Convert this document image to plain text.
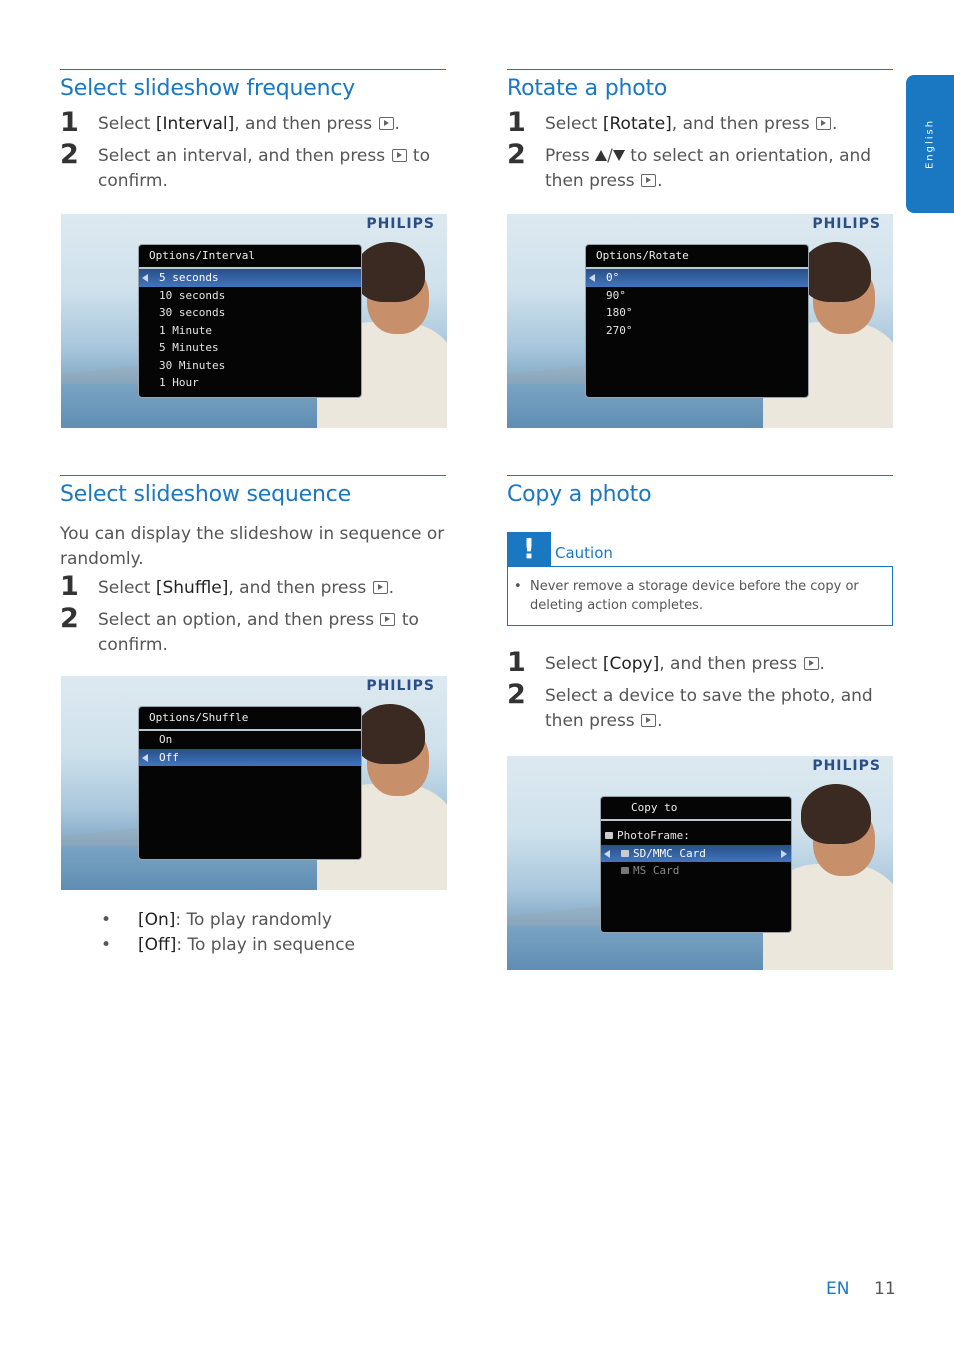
English
Select slideshow frequency
1 Select [Interval], and then press .
2 Select an interval, and then press  to confirm.
PHILIPS
Options/Interval
5 seconds
10 seconds
30 seconds
1 Minute
5 Minutes
30 Minutes
1 Hour
Select slideshow sequence

You can display the slideshow in sequence or randomly.

1 Select [Shuffle], and then press .
2 Select an option, and then press  to confirm.
PHILIPS
Options/Shuffle
On
Off
• [On]: To play randomly
• [Off]: To play in sequence
Rotate a photo
1 Select [Rotate], and then press .
2 Press / to select an orientation, and then press .
PHILIPS
Options/Rotate
0°
90°
180°
270°
Copy a photo
!	Caution
• Never remove a storage device before the copy or deleting action completes.
1 Select [Copy], and then press .
2 Select a device to save the photo, and then press .
PHILIPS
Copy to
PhotoFrame:
SD/MMC Card
MS Card
EN 11
